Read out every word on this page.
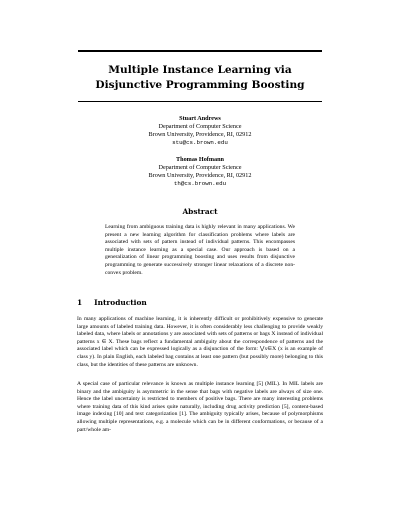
Multiple Instance Learning via
Disjunctive Programming Boosting
Stuart Andrews
Department of Computer Science
Brown University, Providence, RI, 02912
stu@cs.brown.edu
Thomas Hofmann
Department of Computer Science
Brown University, Providence, RI, 02912
th@cs.brown.edu
Abstract
Learning from ambiguous training data is highly relevant in many applications. We present a new learning algorithm for classification problems where labels are associated with sets of pattern instead of individual patterns. This encompasses multiple instance learning as a special case. Our approach is based on a generalization of linear programming boosting and uses results from disjunctive programming to generate successively stronger linear relaxations of a discrete non-convex problem.
1 Introduction
In many applications of machine learning, it is inherently difficult or prohibitively expensive to generate large amounts of labeled training data. However, it is often considerably less challenging to provide weakly labeled data, where labels or annotations y are associated with sets of patterns or bags X instead of individual patterns x ∈ X. These bags reflect a fundamental ambiguity about the correspondence of patterns and the associated label which can be expressed logically as a disjunction of the form: ⋁x∈X (x is an example of class y). In plain English, each labeled bag contains at least one pattern (but possibly more) belonging to this class, but the identities of these patterns are unknown.
A special case of particular relevance is known as multiple instance learning [5] (MIL). In MIL labels are binary and the ambiguity is asymmetric in the sense that bags with negative labels are always of size one. Hence the label uncertainty is restricted to members of positive bags. There are many interesting problems where training data of this kind arises quite naturally, including drug activity prediction [5], content-based image indexing [10] and text categorization [1]. The ambiguity typically arises, because of polymorphisms allowing multiple representations, e.g. a molecule which can be in different conformations, or because of a part/whole am-
